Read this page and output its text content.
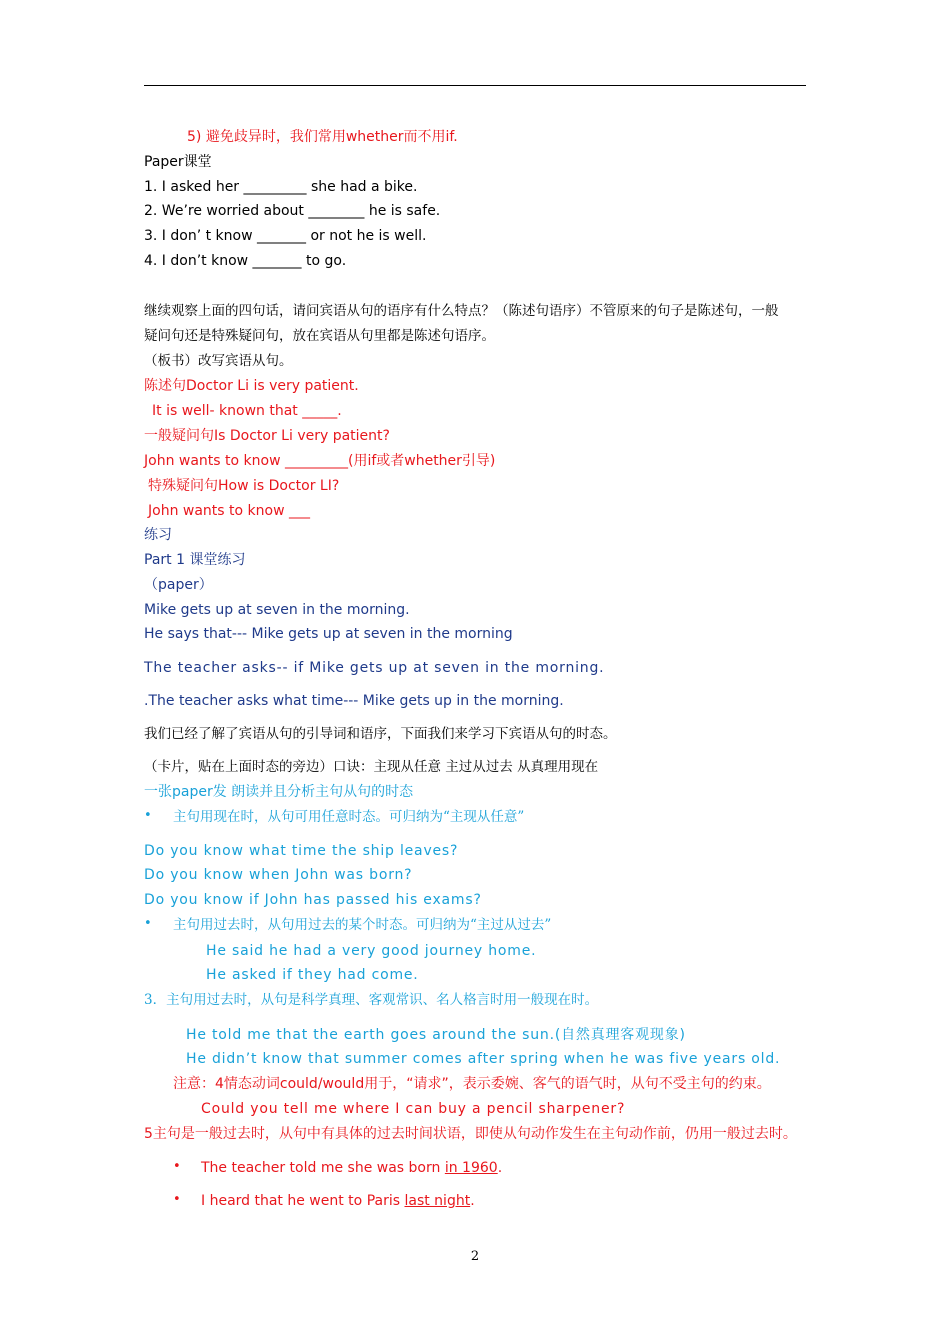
5) 避免歧异时，我们常用whether而不用if.
Paper课堂
1. I asked her _________ she had a bike.
2. We’re worried about ________ he is safe.
3. I don’ t know _______ or not he is well.
4. I don’t know _______ to go.
继续观察上面的四句话，请问宾语从句的语序有什么特点？（陈述句语序）不管原来的句子是陈述句，一般
疑问句还是特殊疑问句，放在宾语从句里都是陈述句语序。
（板书）改写宾语从句。
陈述句Doctor Li is very patient.
It is well- known that _____.
一般疑问句Is Doctor Li very patient?
John wants to know _________(用if或者whether引导)
特殊疑问句How is Doctor LI?
John wants to know ___
练习
Part 1 课堂练习
（paper）
Mike gets up at seven in the morning.
He says that--- Mike gets up at seven in the morning
The teacher asks-- if Mike gets up at seven in the morning.
.The teacher asks what time--- Mike gets up in the morning.
我们已经了解了宾语从句的引导词和语序，下面我们来学习下宾语从句的时态。
（卡片，贴在上面时态的旁边）口诀：主现从任意 主过从过去 从真理用现在
一张paper发 朗读并且分析主句从句的时态
• 主句用现在时，从句可用任意时态。可归纳为“主现从任意”
Do you know what time the ship leaves?
Do you know when John was born?
Do you know if John has passed his exams?
• 主句用过去时，从句用过去的某个时态。可归纳为“主过从过去”
He said he had a very good journey home.
He asked if they had come.
3．主句用过去时，从句是科学真理、客观常识、名人格言时用一般现在时。
He told me that the earth goes around the sun.(自然真理客观现象)
He didn’t know that summer comes after spring when he was five years old.
注意：4情态动词could/would用于，“请求”，表示委婉、客气的语气时，从句不受主句的约束。
Could you tell me where I can buy a pencil sharpener?
5主句是一般过去时，从句中有具体的过去时间状语，即使从句动作发生在主句动作前，仍用一般过去时。
• The teacher told me she was born in 1960.
• I heard that he went to Paris last night.
2
